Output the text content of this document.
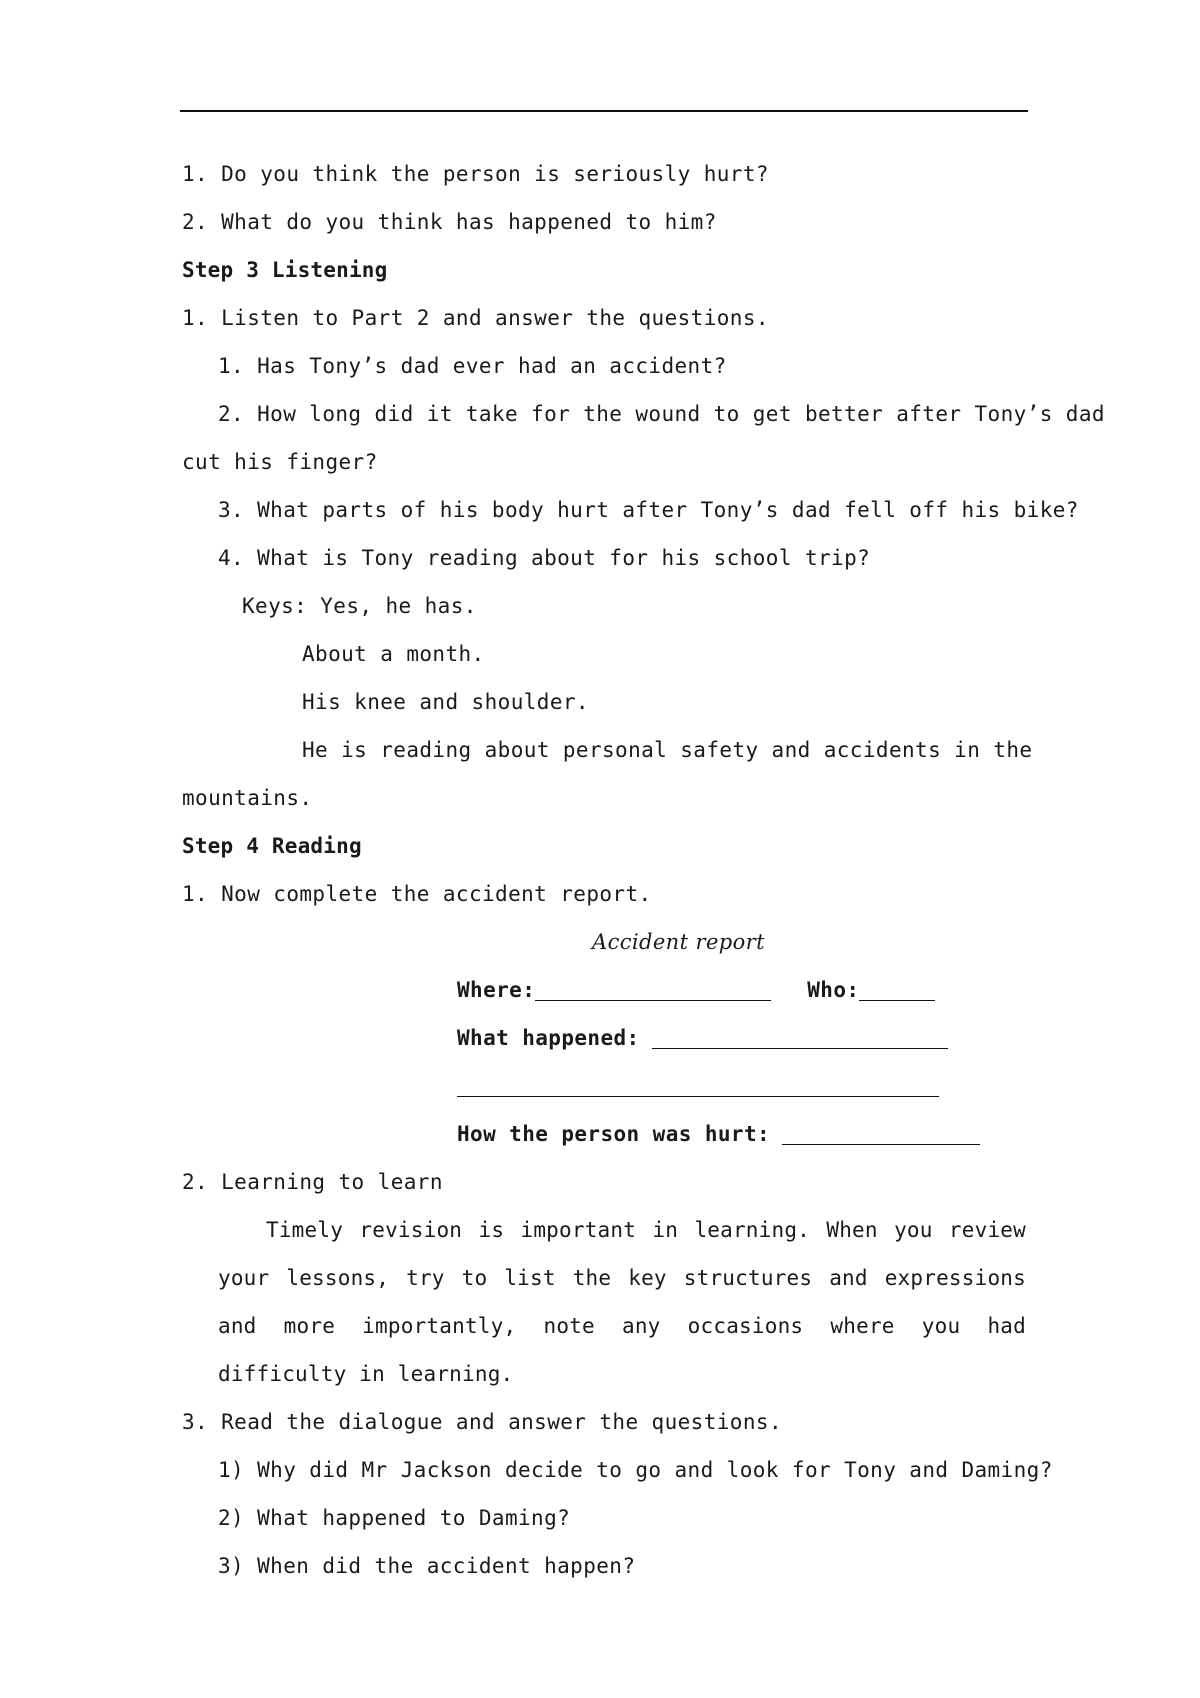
1. Do you think the person is seriously hurt?
2. What do you think has happened to him?
Step 3 Listening
1. Listen to Part 2 and answer the questions.
1. Has Tony’s dad ever had an accident?
2. How long did it take for the wound to get better after Tony’s dad
cut his finger?
3. What parts of his body hurt after Tony’s dad fell off his bike?
4. What is Tony reading about for his school trip?
Keys: Yes, he has.
About a month.
His knee and shoulder.
He is reading about personal safety and accidents in the
mountains.
Step 4 Reading
1. Now complete the accident report.
Accident report
Where:	Who:
What happened:
How the person was hurt:
2. Learning to learn
Timely revision is important in learning. When you review your lessons, try to list the key structures and expressions and more importantly, note any occasions where you had difficulty in learning.
3. Read the dialogue and answer the questions.
1) Why did Mr Jackson decide to go and look for Tony and Daming?
2) What happened to Daming?
3) When did the accident happen?
